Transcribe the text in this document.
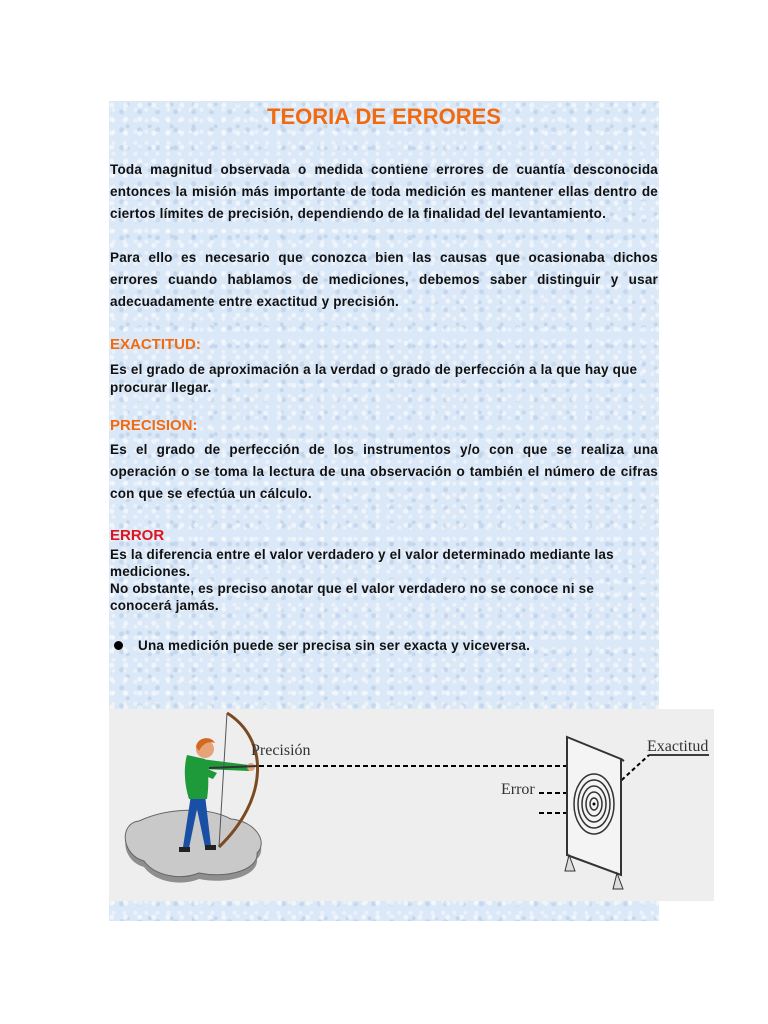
TEORIA DE ERRORES

Toda magnitud observada o medida contiene errores de cuantía desconocida entonces la misión más importante de toda medición es mantener ellas dentro de ciertos límites de precisión, dependiendo de la finalidad del levantamiento.

Para ello es necesario que conozca bien las causas que ocasionaba dichos errores cuando hablamos de mediciones, debemos saber distinguir y usar adecuadamente entre exactitud y precisión.

EXACTITUD:

Es el grado de aproximación a la verdad o grado de perfección a la que hay que procurar llegar.

PRECISION:

Es el grado de perfección de los instrumentos y/o con que se realiza una operación o se toma la lectura de una observación o también el número de cifras con que se efectúa un cálculo.

ERROR

Es la diferencia entre el valor verdadero y el valor determinado mediante las mediciones.

No obstante, es preciso anotar que el valor verdadero no se conoce ni se conocerá jamás.

Una medición puede ser precisa sin ser exacta y viceversa.

Precisión
Error
Exactitud
